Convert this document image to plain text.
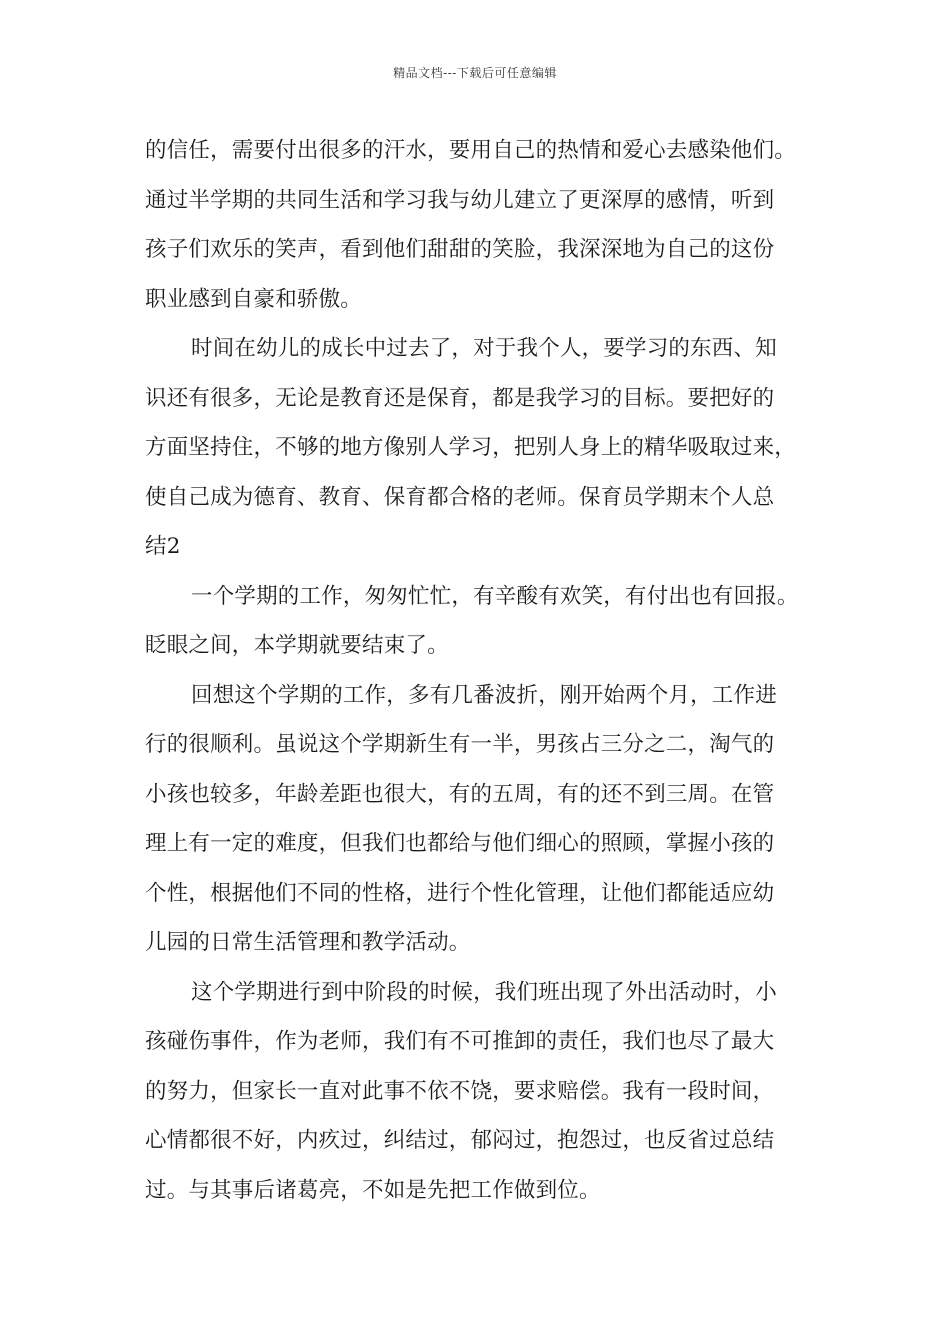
精品文档---下载后可任意编辑
的信任，需要付出很多的汗水，要用自己的热情和爱心去感染他们。
通过半学期的共同生活和学习我与幼儿建立了更深厚的感情，听到
孩子们欢乐的笑声，看到他们甜甜的笑脸，我深深地为自己的这份
职业感到自豪和骄傲。
时间在幼儿的成长中过去了，对于我个人，要学习的东西、知
识还有很多，无论是教育还是保育，都是我学习的目标。要把好的
方面坚持住，不够的地方像别人学习，把别人身上的精华吸取过来，
使自己成为德育、教育、保育都合格的老师。保育员学期末个人总
结2
一个学期的工作，匆匆忙忙，有辛酸有欢笑，有付出也有回报。
眨眼之间，本学期就要结束了。
回想这个学期的工作，多有几番波折，刚开始两个月，工作进
行的很顺利。虽说这个学期新生有一半，男孩占三分之二，淘气的
小孩也较多，年龄差距也很大，有的五周，有的还不到三周。在管
理上有一定的难度，但我们也都给与他们细心的照顾，掌握小孩的
个性，根据他们不同的性格，进行个性化管理，让他们都能适应幼
儿园的日常生活管理和教学活动。
这个学期进行到中阶段的时候，我们班出现了外出活动时，小
孩碰伤事件，作为老师，我们有不可推卸的责任，我们也尽了最大
的努力，但家长一直对此事不依不饶，要求赔偿。我有一段时间，
心情都很不好，内疚过，纠结过，郁闷过，抱怨过，也反省过总结
过。与其事后诸葛亮，不如是先把工作做到位。
